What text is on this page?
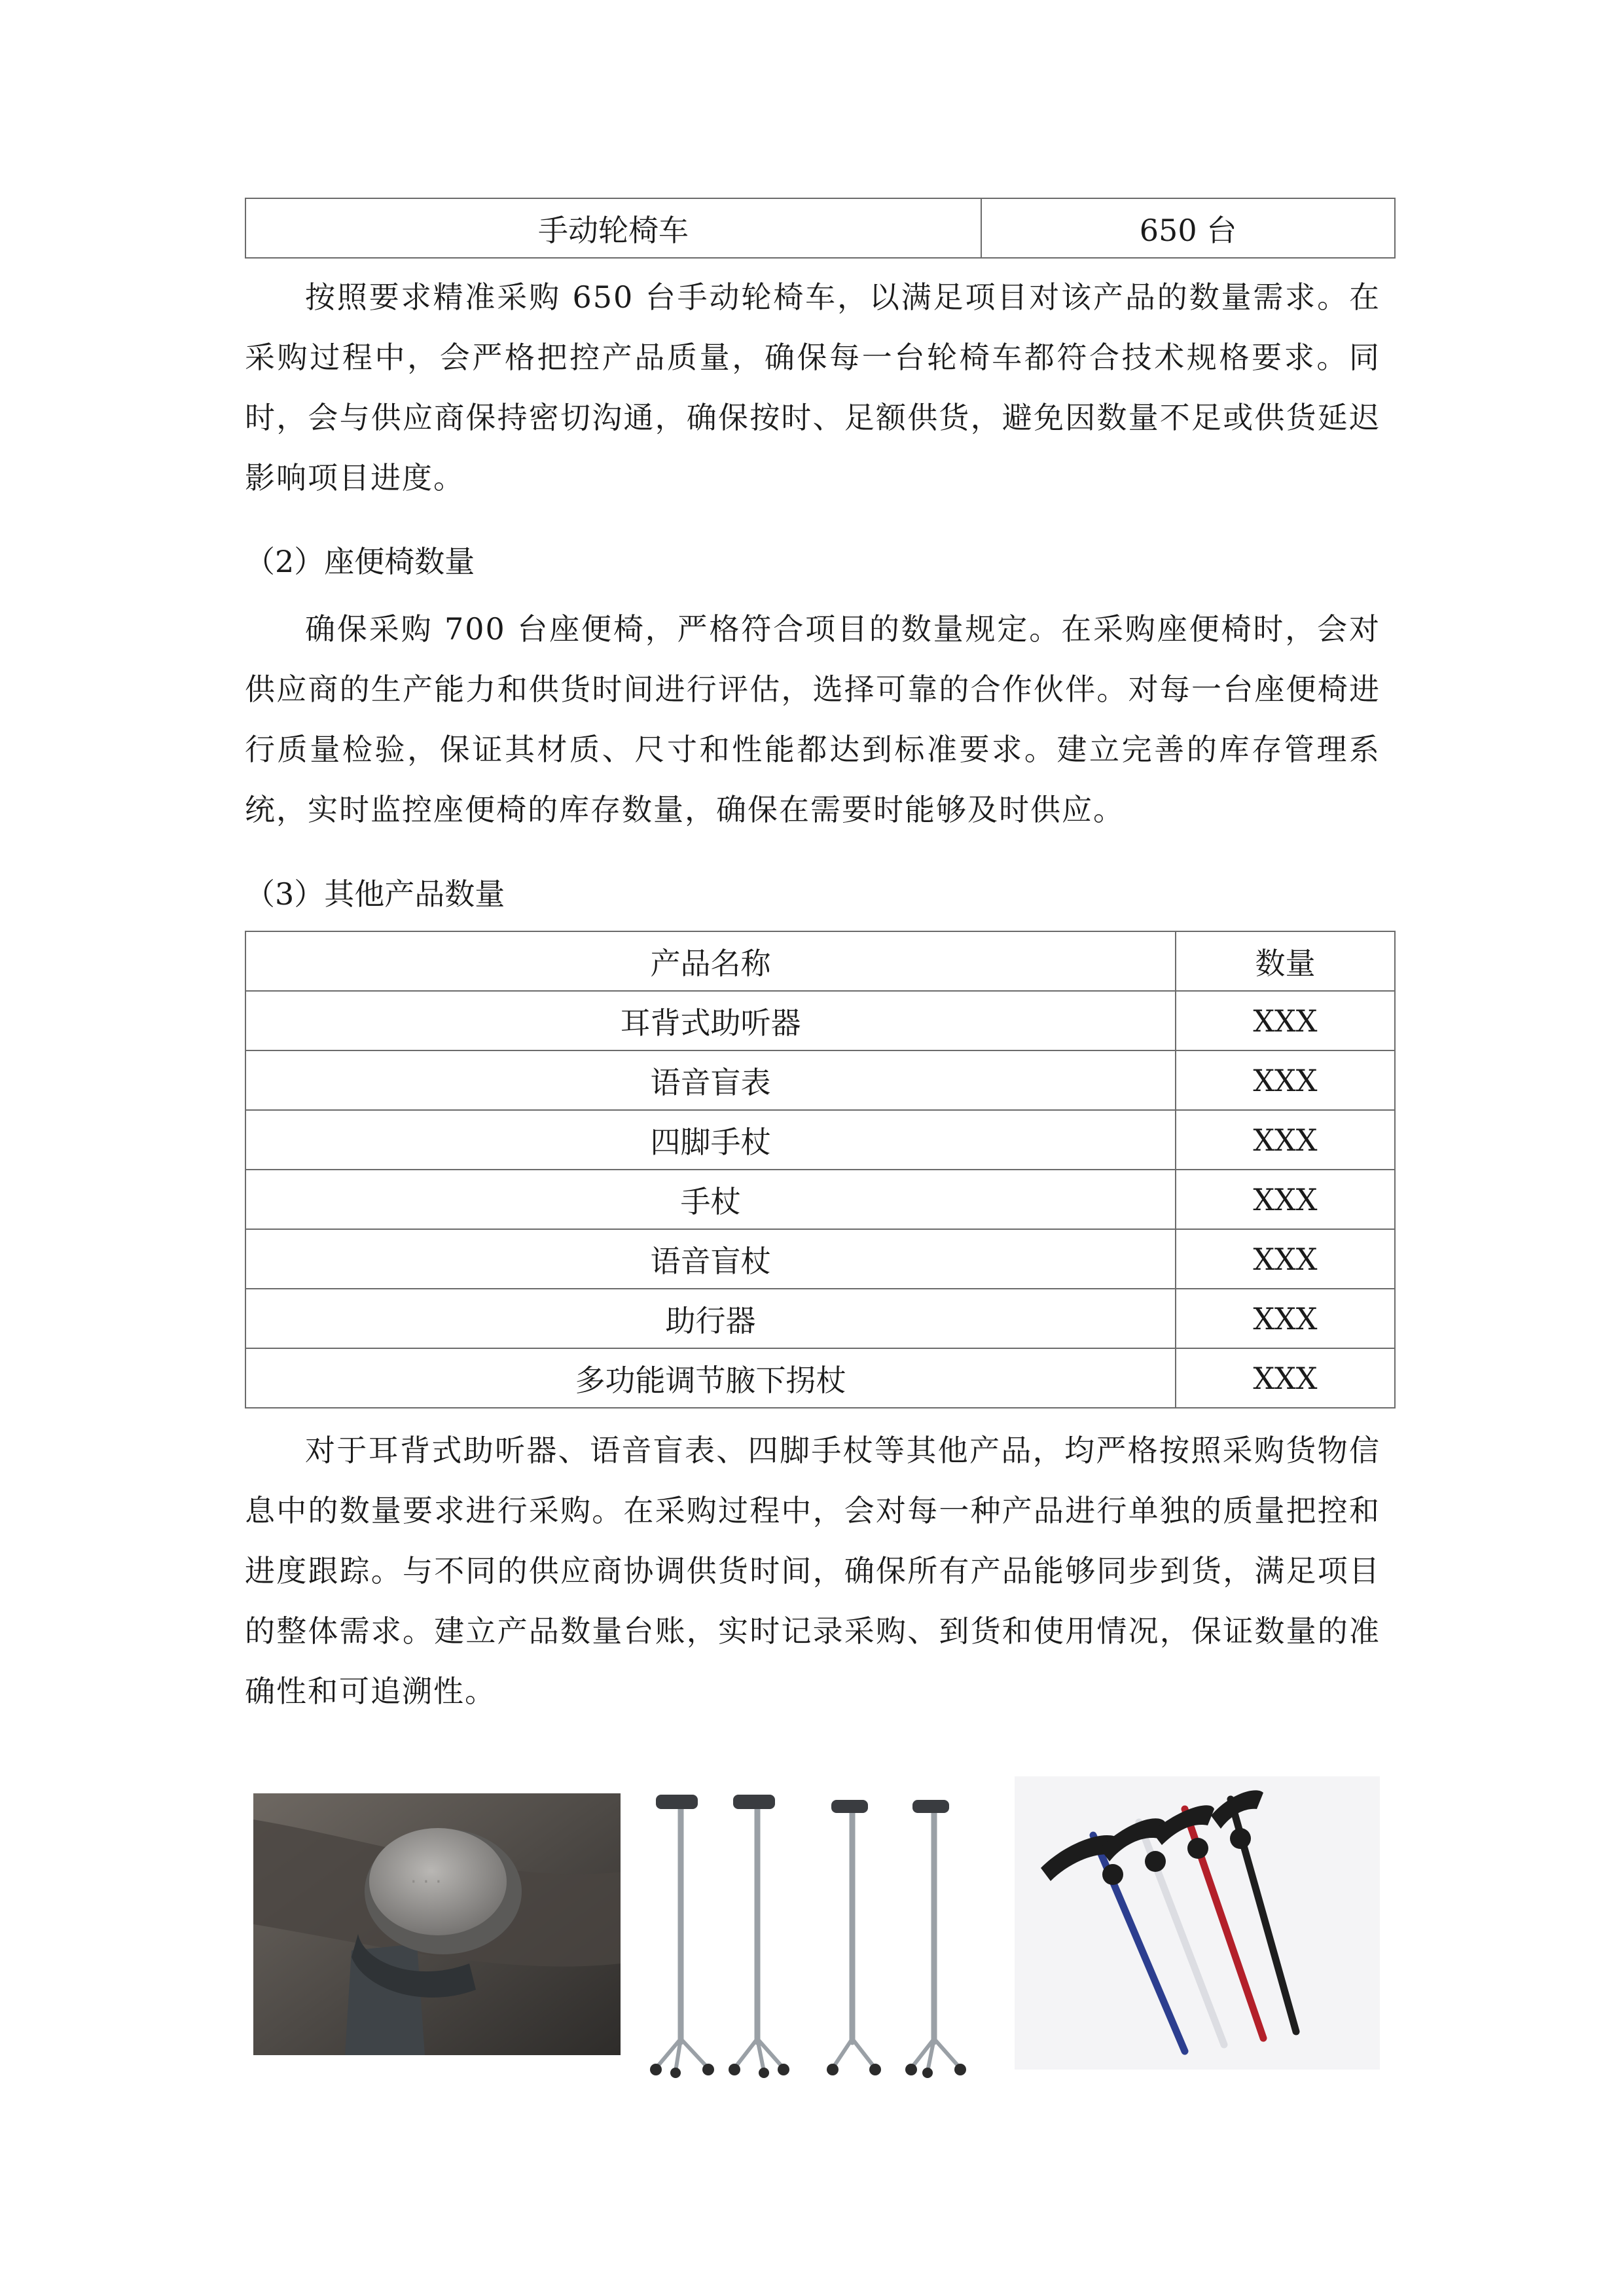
手动轮椅车	650 台

按照要求精准采购 650 台手动轮椅车，以满足项目对该产品的数量需求。在采购过程中，会严格把控产品质量，确保每一台轮椅车都符合技术规格要求。同时，会与供应商保持密切沟通，确保按时、足额供货，避免因数量不足或供货延迟影响项目进度。

（2）座便椅数量

确保采购 700 台座便椅，严格符合项目的数量规定。在采购座便椅时，会对供应商的生产能力和供货时间进行评估，选择可靠的合作伙伴。对每一台座便椅进行质量检验，保证其材质、尺寸和性能都达到标准要求。建立完善的库存管理系统，实时监控座便椅的库存数量，确保在需要时能够及时供应。

（3）其他产品数量

产品名称	数量
耳背式助听器	XXX
语音盲表	XXX
四脚手杖	XXX
手杖	XXX
语音盲杖	XXX
助行器	XXX
多功能调节腋下拐杖	XXX

对于耳背式助听器、语音盲表、四脚手杖等其他产品，均严格按照采购货物信息中的数量要求进行采购。在采购过程中，会对每一种产品进行单独的质量把控和进度跟踪。与不同的供应商协调供货时间，确保所有产品能够同步到货，满足项目的整体需求。建立产品数量台账，实时记录采购、到货和使用情况，保证数量的准确性和可追溯性。

· · ·
